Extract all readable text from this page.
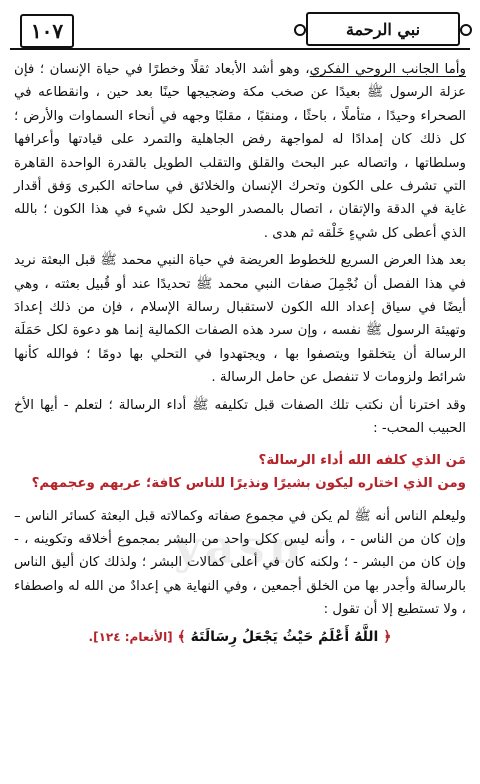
١٠٧	نبي الرحمة
yasn

وأما الجانب الروحي الفكري، وهو أشد الأبعاد ثقلًا وخطرًا في حياة الإنسان ؛ فإن عزلة الرسول ﷺ بعيدًا عن صخب مكة وضجيجها حينًا بعد حين ، وانقطاعه في الصحراء وحيدًا ، متأملًا ، باحثًا ، ومنقبًا ، مقلبًا وجهه في أنحاء السماوات والأرض ؛ كل ذلك كان إمدادًا له لمواجهة رفض الجاهلية والتمرد على قيادتها وأعرافها وسلطاتها ، واتصاله عبر البحث والقلق والتقلب الطويل بالقدرة الواحدة القاهرة التي تشرف على الكون وتحرك الإنسان والخلائق في ساحاته الكبرى وَفق أقدار غاية في الدقة والإتقان ، اتصال بالمصدر الوحيد لكل شيء في هذا الكون ؛ بالله الذي أعطى كل شيءٍ خَلْقه ثم هدى .

بعد هذا العرض السريع للخطوط العريضة في حياة النبي محمد ﷺ قبل البعثة نريد في هذا الفصل أن نُجْمِلَ صفات النبي محمد ﷺ تحديدًا عند أو قُبيل بعثته ، وهي أيضًا في سياق إعداد الله الكون لاستقبال رسالة الإسلام ، فإن من ذلك إعدادَ وتهيئة الرسول ﷺ نفسه ، وإن سرد هذه الصفات الكمالية إنما هو دعوة لكل حَمَلَة الرسالة أن يتخلقوا ويتصفوا بها ، ويجتهدوا في التحلي بها دومًا ؛ فوالله كأنها شرائط ولزومات لا تنفصل عن حامل الرسالة .

وقد اخترنا أن نكتب تلك الصفات قبل تكليفه ﷺ أداء الرسالة ؛ لتعلم - أيها الأخ الحبيب المحب- :

مَن الذي كلفه الله أداء الرسالة؟

ومن الذي اختاره ليكون بشيرًا ونذيرًا للناس كافة؛ عربهم وعجمهم؟

وليعلم الناس أنه ﷺ لم يكن في مجموع صفاته وكمالاته قبل البعثة كسائر الناس – وإن كان من الناس - ، وأنه ليس ككل واحد من البشر بمجموع أخلاقه وتكوينه ، - وإن كان من البشر - ؛ ولكنه كان في أعلى كمالات البشر ؛ ولذلك كان أليق الناس بالرسالة وأجدر بها من الخلق أجمعين ، وفي النهاية هي إعدادٌ من الله له واصطفاء ، ولا تستطيع إلا أن تقول :

﴿ اللَّهُ أَعْلَمُ حَيْثُ يَجْعَلُ رِسَالَتَهُ ﴾ [الأنعام: ١٢٤].
